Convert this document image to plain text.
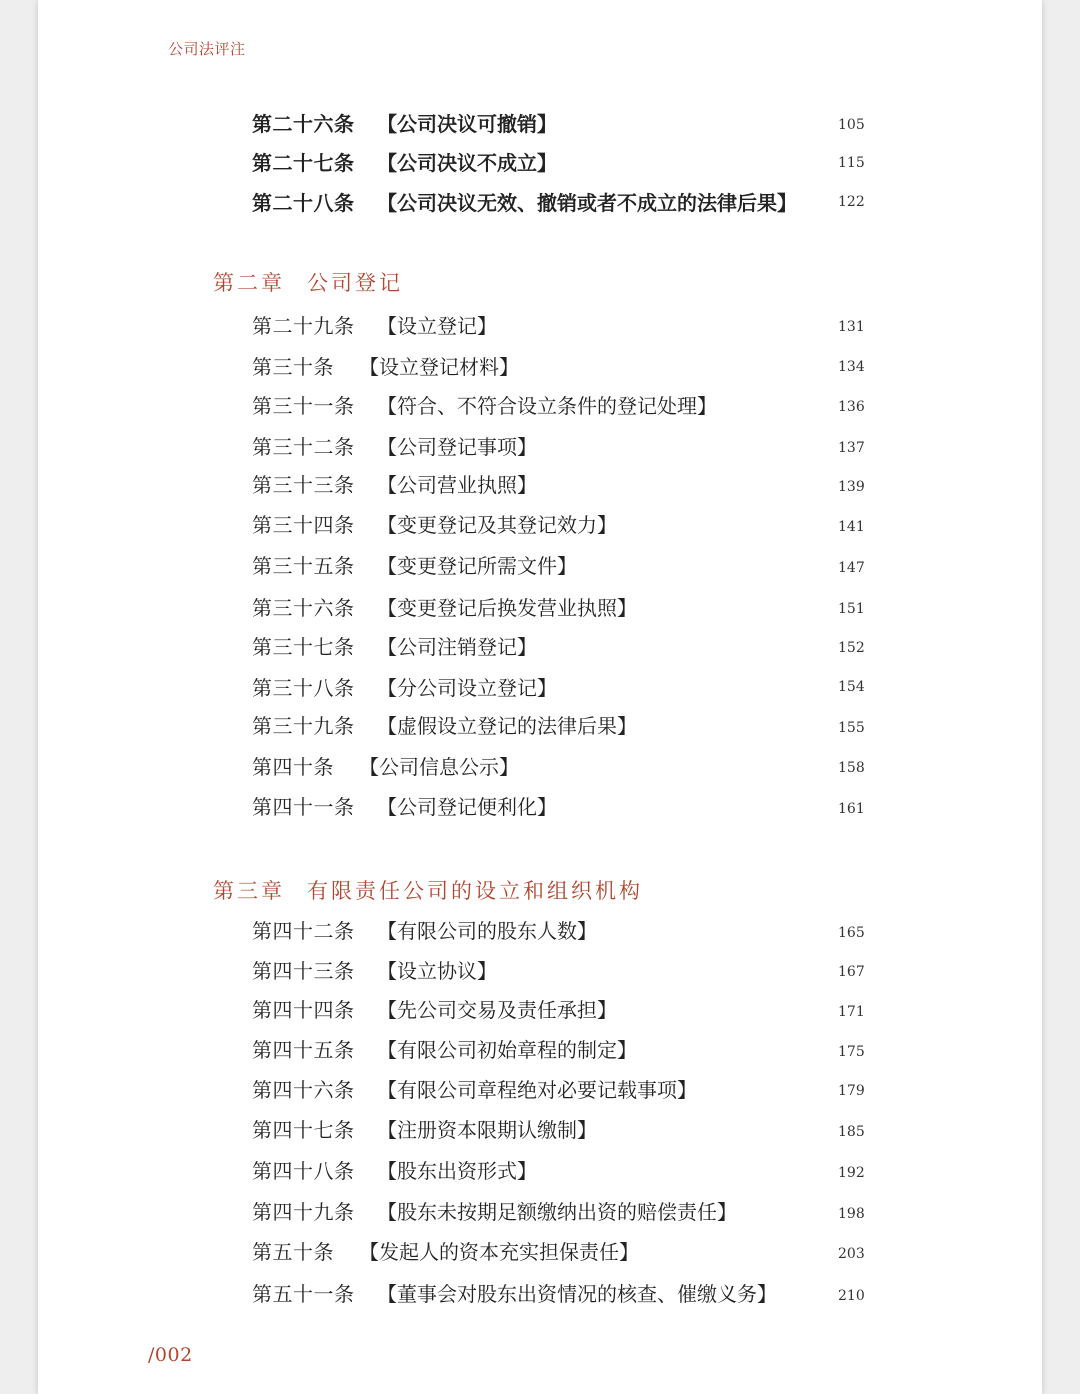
公司法评注
第二十六条 【公司决议可撤销】	105
第二十七条 【公司决议不成立】	115
第二十八条 【公司决议无效、撤销或者不成立的法律后果】	122
第二章 公司登记
第二十九条 【设立登记】	131
第三十条 【设立登记材料】	134
第三十一条 【符合、不符合设立条件的登记处理】	136
第三十二条 【公司登记事项】	137
第三十三条 【公司营业执照】	139
第三十四条 【变更登记及其登记效力】	141
第三十五条 【变更登记所需文件】	147
第三十六条 【变更登记后换发营业执照】	151
第三十七条 【公司注销登记】	152
第三十八条 【分公司设立登记】	154
第三十九条 【虚假设立登记的法律后果】	155
第四十条 【公司信息公示】	158
第四十一条 【公司登记便利化】	161
第三章 有限责任公司的设立和组织机构
第四十二条 【有限公司的股东人数】	165
第四十三条 【设立协议】	167
第四十四条 【先公司交易及责任承担】	171
第四十五条 【有限公司初始章程的制定】	175
第四十六条 【有限公司章程绝对必要记载事项】	179
第四十七条 【注册资本限期认缴制】	185
第四十八条 【股东出资形式】	192
第四十九条 【股东未按期足额缴纳出资的赔偿责任】	198
第五十条 【发起人的资本充实担保责任】	203
第五十一条 【董事会对股东出资情况的核查、催缴义务】	210
/002
